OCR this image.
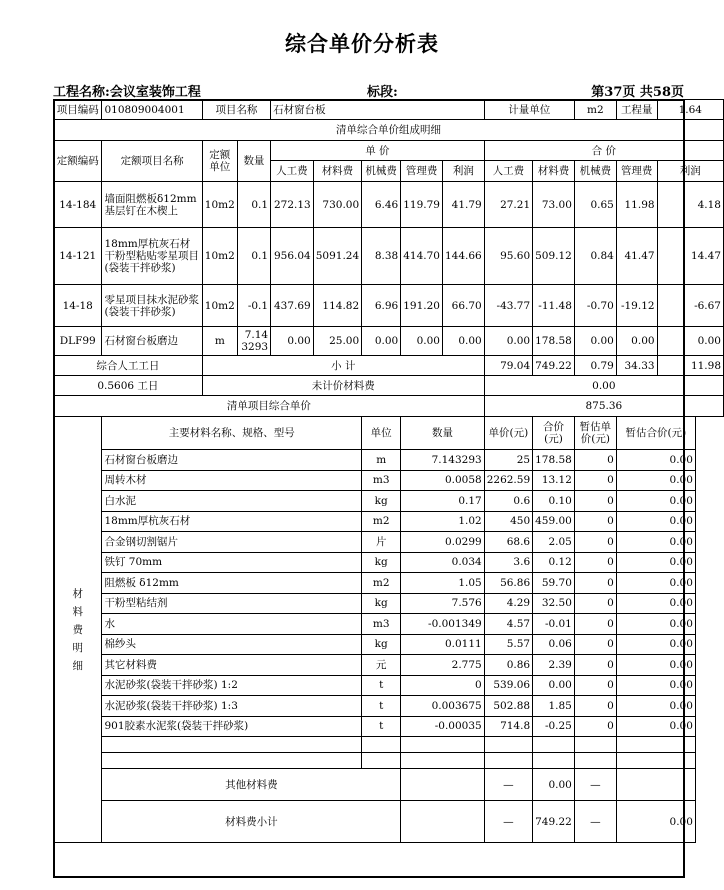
综合单价分析表
工程名称:会议室装饰工程	标段:	第37页 共58页
项目编码	010809004001	项目名称		石材窗台板					计量单位		m2	工程量	1.64
清单综合单价组成明细													
定额编码	定额项目名称	定额单位	数量	单 价					合 价				
				人工费	材料费	机械费	管理费	利润	人工费	材料费	机械费	管理费	利润
14-184	墙面阻燃板δ12mm基层钉在木楔上	10m2	0.1	272.13	730.00	6.46	119.79	41.79	27.21	73.00	0.65	11.98	4.18
14-121	18mm厚杭灰石材干粉型粘贴零星项目(袋装干拌砂浆)	10m2	0.1	956.04	5091.24	8.38	414.70	144.66	95.60	509.12	0.84	41.47	14.47
14-18	零星项目抹水泥砂浆(袋装干拌砂浆)	10m2	-0.1	437.69	114.82	6.96	191.20	66.70	-43.77	-11.48	-0.70	-19.12	-6.67
DLF99	石材窗台板磨边	m	7.143293	0.00	25.00	0.00	0.00	0.00	0.00	178.58	0.00	0.00	0.00
综合人工工日		小 计							79.04	749.22	0.79	34.33	11.98
0.5606 工日		未计价材料费							0.00				
清单项目综合单价									875.36				
材料费明细	主要材料名称、规格、型号					单位	数量		单价(元)	合价(元)	暂估单价(元)	暂估合价(元)	
	石材窗台板磨边					m	7.143293		25	178.58	0	0.00	
	周转木材					m3	0.0058		2262.59	13.12	0	0.00	
	白水泥					kg	0.17		0.6	0.10	0	0.00	
	18mm厚杭灰石材					m2	1.02		450	459.00	0	0.00	
	合金钢切割锯片					片	0.0299		68.6	2.05	0	0.00	
	铁钉 70mm					kg	0.034		3.6	0.12	0	0.00	
	阻燃板 δ12mm					m2	1.05		56.86	59.70	0	0.00	
	干粉型粘结剂					kg	7.576		4.29	32.50	0	0.00	
	水					m3	-0.001349		4.57	-0.01	0	0.00	
	棉纱头					kg	0.0111		5.57	0.06	0	0.00	
	其它材料费					元	2.775		0.86	2.39	0	0.00	
	水泥砂浆(袋装干拌砂浆) 1:2					t	0		539.06	0.00	0	0.00	
	水泥砂浆(袋装干拌砂浆) 1:3					t	0.003675		502.88	1.85	0	0.00	
	901胶素水泥浆(袋装干拌砂浆)					t	-0.00035		714.8	-0.25	0	0.00	

	其他材料费								—	0.00	—		
	材料费小计								—	749.22	—	0.00	
